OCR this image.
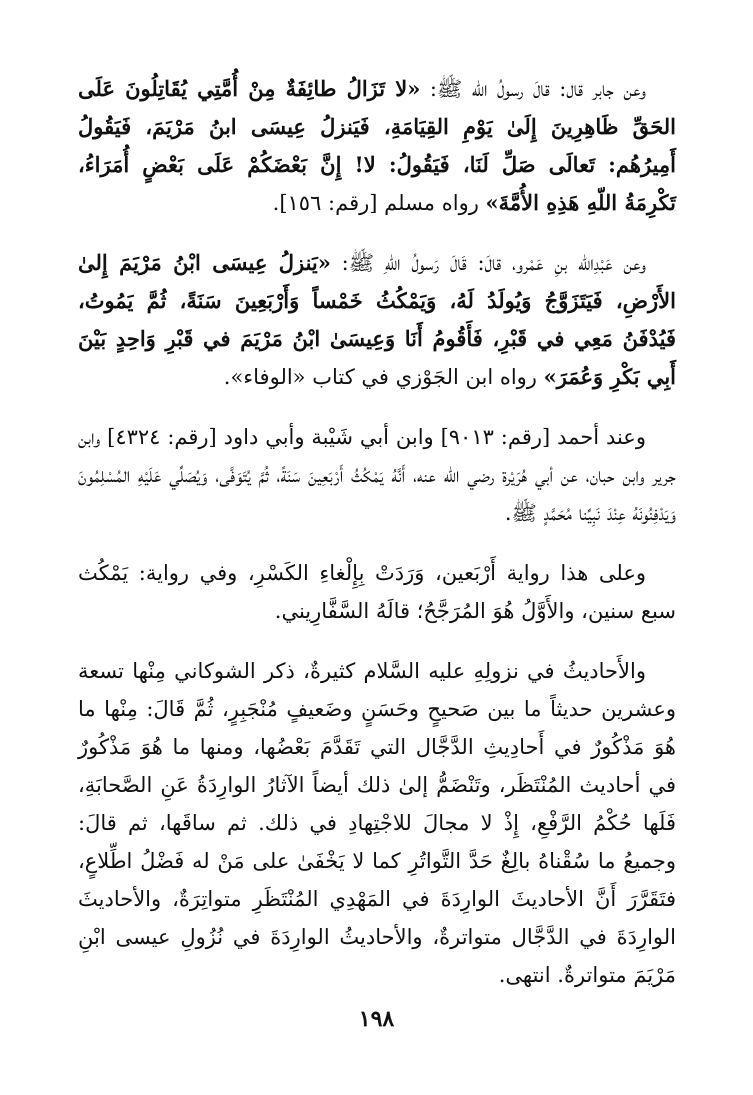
وعن جابر قال: قالَ رسولُ الله ﷺ: «لا تَزَالُ طائِفَةٌ مِنْ أُمَّتِي يُقَاتِلُونَ عَلَى الحَقِّ ظَاهِرِينَ إِلَىٰ يَوْمِ القِيَامَةِ، فَيَنزلُ عِيسَى ابنُ مَرْيَمَ، فَيَقُولُ أَمِيرُهُم: تَعالَى صَلِّ لَنَا، فَيَقُولُ: لا! إِنَّ بَعْضَكُمْ عَلَى بَعْضٍ أُمَرَاءُ، تَكْرِمَةُ اللّهِ هَذِهِ الأُمَّةَ» رواه مسلم [رقم: ١٥٦].

وعن عَبْدِالله بنِ عَمْرو، قالَ: قَالَ رَسولُ اللّهِ ﷺ: «يَنزلُ عِيسَى ابْنُ مَرْيَمَ إِلىٰ الأَرْضِ، فَيَتَزَوَّجُ وَيُولَدُ لَهُ، وَيَمْكُثُ خَمْساً وَأَرْبَعِينَ سَنَةً، ثُمَّ يَمُوتُ، فَيُدْفَنُ مَعِي في قَبْرِ، فَأَقُومُ أَنَا وَعِيسَىٰ ابْنُ مَرْيَمَ في قَبْرِ وَاحِدٍ بَيْنَ أَبِي بَكْرِ وَعُمَرَ» رواه ابن الجَوْزي في كتاب «الوفاء».

وعند أحمد [رقم: ٩٠١٣] وابن أبي شَيْبة وأبي داود [رقم: ٤٣٢٤] وابن جرير وابن حبان، عن أبي هُرَيْرة رضي الله عنه، أَنَّهُ يَمْكُثُ أَرْبَعِينَ سَنَةً، ثُمَّ يُتَوَفَّى، وَيُصَلِّي عَلَيْهِ المُسْلِمُونَ وَيَدْفِنُونَهُ عِنْدَ نَبِيِّنا مُحَمَّدٍ ﷺ.

وعلى هذا رواية أَرْبَعين، وَرَدَتْ بِإِلْغاءِ الكَسْرِ، وفي رواية: يَمْكُث سبع سنين، والأَوَّلُ هُوَ المُرَجَّحُ؛ قالَهُ السَّفَّارِيني.

والأَحاديثُ في نزولِهِ عليه السَّلام كثيرةٌ، ذكر الشوكاني مِنْها تسعة وعشرين حديثاً ما بين صَحيحٍ وحَسَنٍ وضَعيفٍ مُنْجَبِرٍ، ثُمَّ قَالَ: مِنْها ما هُوَ مَذْكُورٌ في أَحادِيثِ الدَّجَّال التي تَقَدَّمَ بَعْضُها، ومنها ما هُوَ مَذْكُورٌ في أحاديث المُنْتَظَر، وتَنْضَمُّ إلىٰ ذلك أيضاً الآثارُ الوارِدَةُ عَنِ الصَّحابَةِ، فَلَها حُكْمُ الرَّفْعِ، إِذْ لا مجالَ للاجْتِهادِ في ذلك. ثم ساقَها، ثم قالَ: وجميعُ ما سُقْناهُ بالِغٌ حَدَّ التَّواتُرِ كما لا يَخْفَىٰ على مَنْ له فَضْلُ اطِّلاعٍ، فتَقَرَّرَ أَنَّ الأحاديثَ الوارِدَةَ في المَهْدِي المُنْتَظَرِ متواتِرَةٌ، والأحاديثَ الوارِدَةَ في الدَّجَّال متواترةٌ، والأحاديثُ الوارِدَةَ في نُزُولِ عيسى ابْنِ مَرْيَمَ متواترةٌ. انتهى.

١٩٨
